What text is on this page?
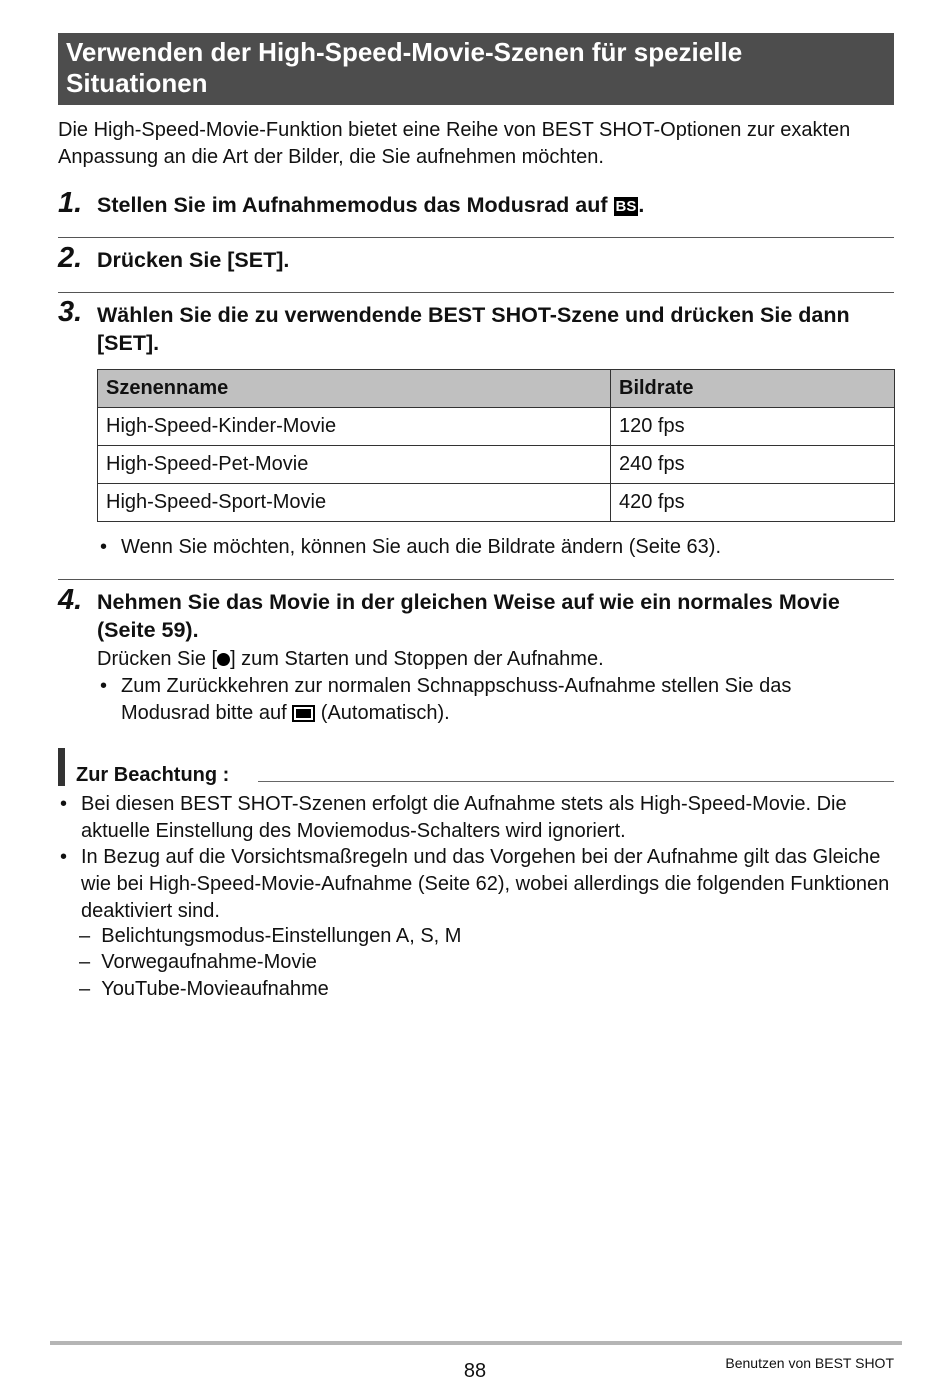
Verwenden der High-Speed-Movie-Szenen für spezielle Situationen
Die High-Speed-Movie-Funktion bietet eine Reihe von BEST SHOT-Optionen zur exakten Anpassung an die Art der Bilder, die Sie aufnehmen möchten.
1. Stellen Sie im Aufnahmemodus das Modusrad auf BS.
2. Drücken Sie [SET].
3. Wählen Sie die zu verwendende BEST SHOT-Szene und drücken Sie dann [SET].
Szenenname	Bildrate
High-Speed-Kinder-Movie	120 fps
High-Speed-Pet-Movie	240 fps
High-Speed-Sport-Movie	420 fps
• Wenn Sie möchten, können Sie auch die Bildrate ändern (Seite 63).
4. Nehmen Sie das Movie in der gleichen Weise auf wie ein normales Movie (Seite 59).
Drücken Sie [ ] zum Starten und Stoppen der Aufnahme.
• Zum Zurückkehren zur normalen Schnappschuss-Aufnahme stellen Sie das
Modusrad bitte auf (Automatisch).
Zur Beachtung :
• Bei diesen BEST SHOT-Szenen erfolgt die Aufnahme stets als High-Speed-Movie. Die aktuelle Einstellung des Moviemodus-Schalters wird ignoriert.
• In Bezug auf die Vorsichtsmaßregeln und das Vorgehen bei der Aufnahme gilt das Gleiche wie bei High-Speed-Movie-Aufnahme (Seite 62), wobei allerdings die folgenden Funktionen deaktiviert sind.
–  Belichtungsmodus-Einstellungen A, S, M
–  Vorwegaufnahme-Movie
–  YouTube-Movieaufnahme
88	Benutzen von BEST SHOT
